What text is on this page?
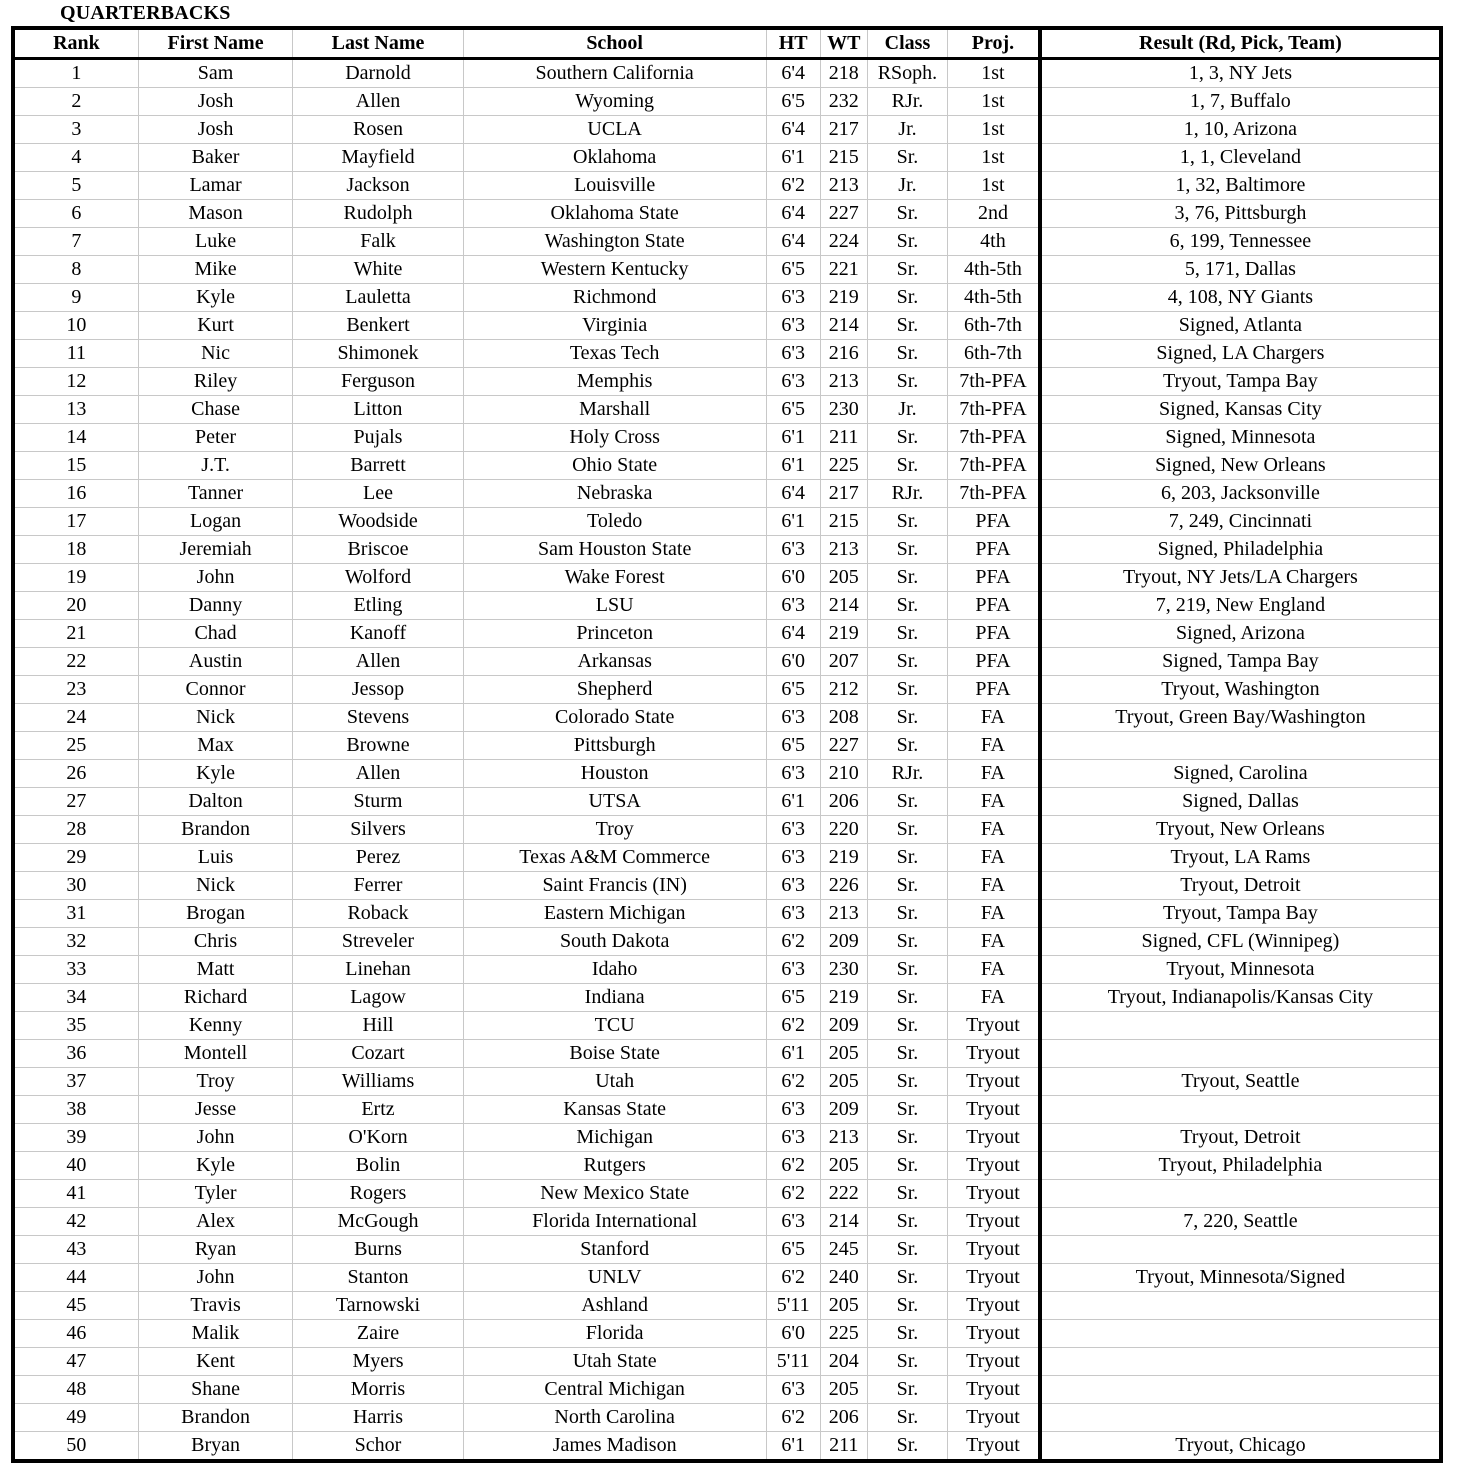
QUARTERBACKS
Rank	First Name	Last Name	School	HT	WT	Class	Proj.	Result (Rd, Pick, Team)
1	Sam	Darnold	Southern California	6'4	218	RSoph.	1st	1, 3, NY Jets
2	Josh	Allen	Wyoming	6'5	232	RJr.	1st	1, 7, Buffalo
3	Josh	Rosen	UCLA	6'4	217	Jr.	1st	1, 10, Arizona
4	Baker	Mayfield	Oklahoma	6'1	215	Sr.	1st	1, 1, Cleveland
5	Lamar	Jackson	Louisville	6'2	213	Jr.	1st	1, 32, Baltimore
6	Mason	Rudolph	Oklahoma State	6'4	227	Sr.	2nd	3, 76, Pittsburgh
7	Luke	Falk	Washington State	6'4	224	Sr.	4th	6, 199, Tennessee
8	Mike	White	Western Kentucky	6'5	221	Sr.	4th-5th	5, 171, Dallas
9	Kyle	Lauletta	Richmond	6'3	219	Sr.	4th-5th	4, 108, NY Giants
10	Kurt	Benkert	Virginia	6'3	214	Sr.	6th-7th	Signed, Atlanta
11	Nic	Shimonek	Texas Tech	6'3	216	Sr.	6th-7th	Signed, LA Chargers
12	Riley	Ferguson	Memphis	6'3	213	Sr.	7th-PFA	Tryout, Tampa Bay
13	Chase	Litton	Marshall	6'5	230	Jr.	7th-PFA	Signed, Kansas City
14	Peter	Pujals	Holy Cross	6'1	211	Sr.	7th-PFA	Signed, Minnesota
15	J.T.	Barrett	Ohio State	6'1	225	Sr.	7th-PFA	Signed, New Orleans
16	Tanner	Lee	Nebraska	6'4	217	RJr.	7th-PFA	6, 203, Jacksonville
17	Logan	Woodside	Toledo	6'1	215	Sr.	PFA	7, 249, Cincinnati
18	Jeremiah	Briscoe	Sam Houston State	6'3	213	Sr.	PFA	Signed, Philadelphia
19	John	Wolford	Wake Forest	6'0	205	Sr.	PFA	Tryout, NY Jets/LA Chargers
20	Danny	Etling	LSU	6'3	214	Sr.	PFA	7, 219, New England
21	Chad	Kanoff	Princeton	6'4	219	Sr.	PFA	Signed, Arizona
22	Austin	Allen	Arkansas	6'0	207	Sr.	PFA	Signed, Tampa Bay
23	Connor	Jessop	Shepherd	6'5	212	Sr.	PFA	Tryout, Washington
24	Nick	Stevens	Colorado State	6'3	208	Sr.	FA	Tryout, Green Bay/Washington
25	Max	Browne	Pittsburgh	6'5	227	Sr.	FA	
26	Kyle	Allen	Houston	6'3	210	RJr.	FA	Signed, Carolina
27	Dalton	Sturm	UTSA	6'1	206	Sr.	FA	Signed, Dallas
28	Brandon	Silvers	Troy	6'3	220	Sr.	FA	Tryout, New Orleans
29	Luis	Perez	Texas A&M Commerce	6'3	219	Sr.	FA	Tryout, LA Rams
30	Nick	Ferrer	Saint Francis (IN)	6'3	226	Sr.	FA	Tryout, Detroit
31	Brogan	Roback	Eastern Michigan	6'3	213	Sr.	FA	Tryout, Tampa Bay
32	Chris	Streveler	South Dakota	6'2	209	Sr.	FA	Signed, CFL (Winnipeg)
33	Matt	Linehan	Idaho	6'3	230	Sr.	FA	Tryout, Minnesota
34	Richard	Lagow	Indiana	6'5	219	Sr.	FA	Tryout, Indianapolis/Kansas City
35	Kenny	Hill	TCU	6'2	209	Sr.	Tryout	
36	Montell	Cozart	Boise State	6'1	205	Sr.	Tryout	
37	Troy	Williams	Utah	6'2	205	Sr.	Tryout	Tryout, Seattle
38	Jesse	Ertz	Kansas State	6'3	209	Sr.	Tryout	
39	John	O'Korn	Michigan	6'3	213	Sr.	Tryout	Tryout, Detroit
40	Kyle	Bolin	Rutgers	6'2	205	Sr.	Tryout	Tryout, Philadelphia
41	Tyler	Rogers	New Mexico State	6'2	222	Sr.	Tryout	
42	Alex	McGough	Florida International	6'3	214	Sr.	Tryout	7, 220, Seattle
43	Ryan	Burns	Stanford	6'5	245	Sr.	Tryout	
44	John	Stanton	UNLV	6'2	240	Sr.	Tryout	Tryout, Minnesota/Signed
45	Travis	Tarnowski	Ashland	5'11	205	Sr.	Tryout	
46	Malik	Zaire	Florida	6'0	225	Sr.	Tryout	
47	Kent	Myers	Utah State	5'11	204	Sr.	Tryout	
48	Shane	Morris	Central Michigan	6'3	205	Sr.	Tryout	
49	Brandon	Harris	North Carolina	6'2	206	Sr.	Tryout	
50	Bryan	Schor	James Madison	6'1	211	Sr.	Tryout	Tryout, Chicago
